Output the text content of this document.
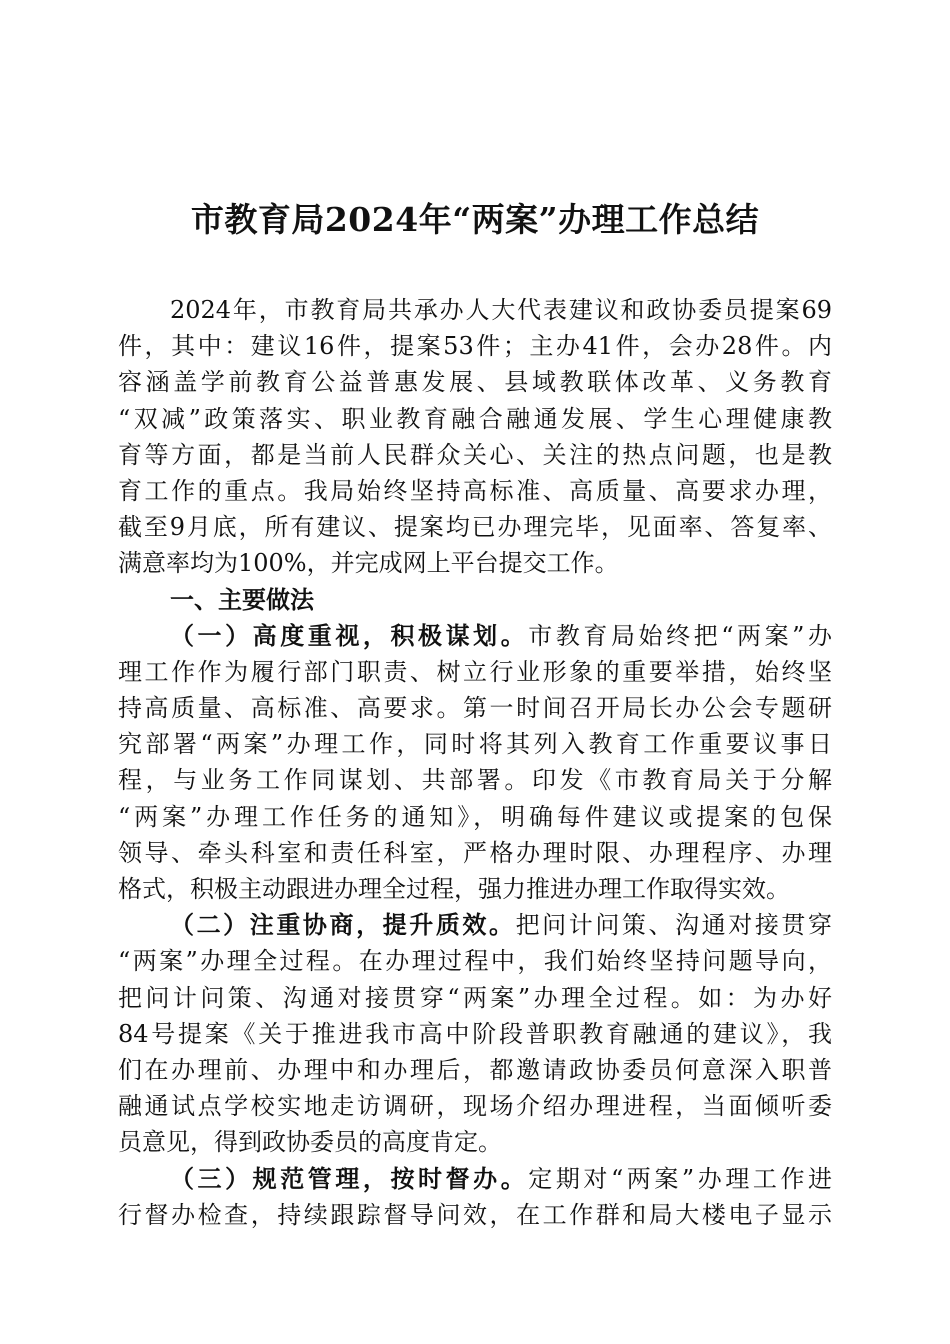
市教育局2024年“两案”办理工作总结
2024年，市教育局共承办人大代表建议和政协委员提案69
件，其中：建议16件，提案53件；主办41件，会办28件。内
容涵盖学前教育公益普惠发展、县域教联体改革、义务教育
“双减”政策落实、职业教育融合融通发展、学生心理健康教
育等方面，都是当前人民群众关心、关注的热点问题，也是教
育工作的重点。我局始终坚持高标准、高质量、高要求办理，
截至9月底，所有建议、提案均已办理完毕，见面率、答复率、
满意率均为100%，并完成网上平台提交工作。
一、主要做法
（一）高度重视，积极谋划。市教育局始终把“两案”办
理工作作为履行部门职责、树立行业形象的重要举措，始终坚
持高质量、高标准、高要求。第一时间召开局长办公会专题研
究部署“两案”办理工作，同时将其列入教育工作重要议事日
程，与业务工作同谋划、共部署。印发《市教育局关于分解
“两案”办理工作任务的通知》，明确每件建议或提案的包保
领导、牵头科室和责任科室，严格办理时限、办理程序、办理
格式，积极主动跟进办理全过程，强力推进办理工作取得实效。
（二）注重协商，提升质效。把问计问策、沟通对接贯穿
“两案”办理全过程。在办理过程中，我们始终坚持问题导向，
把问计问策、沟通对接贯穿“两案”办理全过程。如：为办好
84号提案《关于推进我市高中阶段普职教育融通的建议》，我
们在办理前、办理中和办理后，都邀请政协委员何意深入职普
融通试点学校实地走访调研，现场介绍办理进程，当面倾听委
员意见，得到政协委员的高度肯定。
（三）规范管理，按时督办。定期对“两案”办理工作进
行督办检查，持续跟踪督导问效，在工作群和局大楼电子显示
